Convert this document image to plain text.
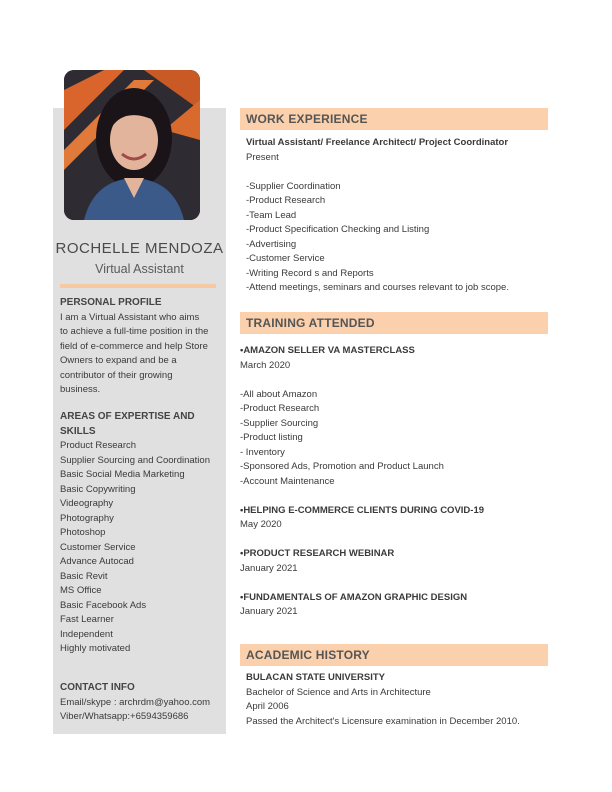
ROCHELLE MENDOZA
Virtual Assistant
PERSONAL PROFILE
I am a Virtual Assistant who aims
to achieve a full-time position in the
field of e-commerce and help Store
Owners to expand and be a
contributor of their growing
business.
AREAS OF EXPERTISE AND
SKILLS
Product Research
Supplier Sourcing and Coordination
Basic Social Media Marketing
Basic Copywriting
Videography
Photography
Photoshop
Customer Service
Advance Autocad
Basic Revit
MS Office
Basic Facebook Ads
Fast Learner
Independent
Highly motivated
CONTACT INFO
Email/skype : archrdm@yahoo.com
Viber/Whatsapp:+6594359686
WORK EXPERIENCE
Virtual Assistant/ Freelance Architect/ Project Coordinator
Present
-Supplier Coordination
-Product Research
-Team Lead
-Product Specification Checking and Listing
-Advertising
-Customer Service
-Writing Record s and Reports
-Attend meetings, seminars and courses relevant to job scope.
TRAINING ATTENDED
•AMAZON SELLER VA MASTERCLASS
March 2020
-All about Amazon
-Product Research
-Supplier Sourcing
-Product listing
- Inventory
-Sponsored Ads, Promotion and Product Launch
-Account Maintenance
•HELPING E-COMMERCE CLIENTS DURING COVID-19
May 2020
•PRODUCT RESEARCH WEBINAR
January 2021
•FUNDAMENTALS OF AMAZON GRAPHIC DESIGN
January 2021
ACADEMIC HISTORY
BULACAN STATE UNIVERSITY
Bachelor of Science and Arts in Architecture
April 2006
Passed the Architect's Licensure examination in December 2010.
